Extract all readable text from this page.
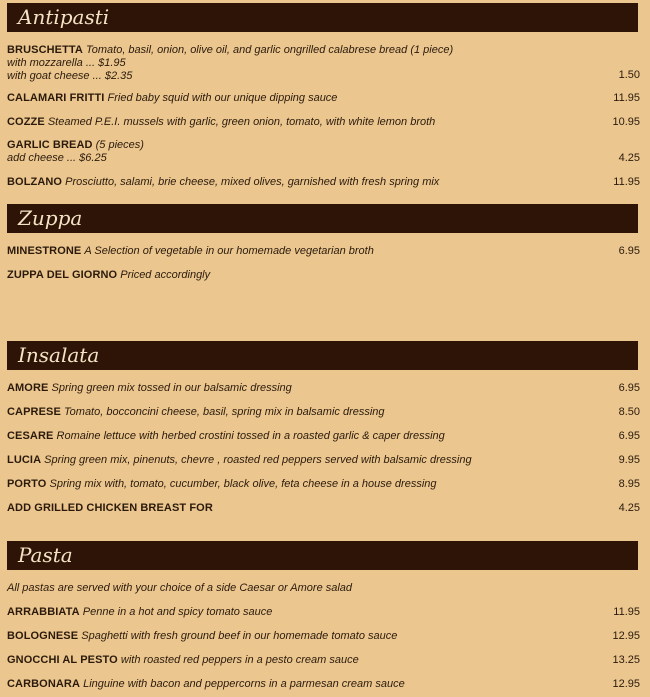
Antipasti
BRUSCHETTA Tomato, basil, onion, olive oil, and garlic ongrilled calabrese bread (1 piece)
with mozzarella ... $1.95
with goat cheese ... $2.35	1.50
CALAMARI FRITTI Fried baby squid with our unique dipping sauce	11.95
COZZE Steamed P.E.I. mussels with garlic, green onion, tomato, with white lemon broth	10.95
GARLIC BREAD (5 pieces)
add cheese ... $6.25	4.25
BOLZANO Prosciutto, salami, brie cheese, mixed olives, garnished with fresh spring mix	11.95
Zuppa
MINESTRONE A Selection of vegetable in our homemade vegetarian broth	6.95
ZUPPA DEL GIORNO Priced accordingly
Insalata
AMORE Spring green mix tossed in our balsamic dressing	6.95
CAPRESE Tomato, bocconcini cheese, basil, spring mix in balsamic dressing	8.50
CESARE Romaine lettuce with herbed crostini tossed in a roasted garlic & caper dressing	6.95
LUCIA Spring green mix, pinenuts, chevre , roasted red peppers served with balsamic dressing	9.95
PORTO Spring mix with, tomato, cucumber, black olive, feta cheese in a house dressing	8.95
ADD GRILLED CHICKEN BREAST FOR	4.25
Pasta
All pastas are served with your choice of a side Caesar or Amore salad
ARRABBIATA Penne in a hot and spicy tomato sauce	11.95
BOLOGNESE Spaghetti with fresh ground beef in our homemade tomato sauce	12.95
GNOCCHI AL PESTO with roasted red peppers in a pesto cream sauce	13.25
CARBONARA Linguine with bacon and peppercorns in a parmesan cream sauce	12.95
